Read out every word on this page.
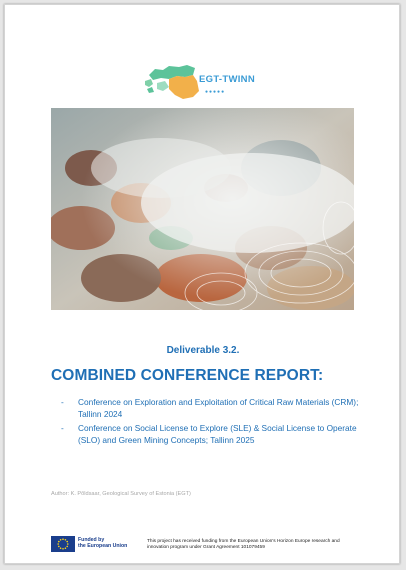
EGT-TWINN
●●●●●
Deliverable 3.2.
COMBINED CONFERENCE REPORT:
- Conference on Exploration and Exploitation of Critical Raw Materials (CRM); Tallinn 2024
- Conference on Social License to Explore (SLE) & Social License to Operate (SLO) and Green Mining Concepts; Tallinn 2025
Author: K. Põldsaar, Geological Survey of Estonia (EGT)
Funded by
the European Union
This project has received funding from the European Union's Horizon Europe research and innovation program under Grant Agreement 101079459
